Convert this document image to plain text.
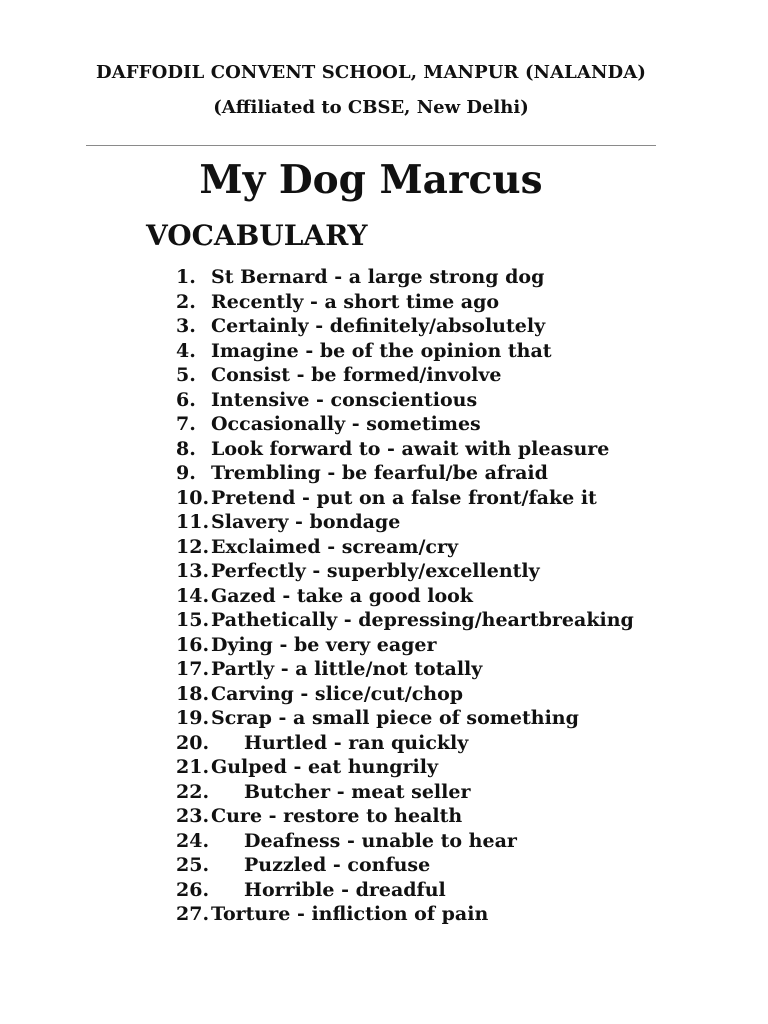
DAFFODIL CONVENT SCHOOL, MANPUR (NALANDA)
(Affiliated to CBSE, New Delhi)
My Dog Marcus
VOCABULARY
1. St Bernard - a large strong dog
2. Recently - a short time ago
3. Certainly - definitely/absolutely
4. Imagine - be of the opinion that
5. Consist - be formed/involve
6. Intensive - conscientious
7. Occasionally - sometimes
8. Look forward to - await with pleasure
9. Trembling - be fearful/be afraid
10. Pretend - put on a false front/fake it
11. Slavery - bondage
12. Exclaimed - scream/cry
13. Perfectly - superbly/excellently
14. Gazed - take a good look
15. Pathetically - depressing/heartbreaking
16. Dying - be very eager
17. Partly - a little/not totally
18. Carving - slice/cut/chop
19. Scrap - a small piece of something
20. Hurtled - ran quickly
21. Gulped - eat hungrily
22. Butcher - meat seller
23. Cure - restore to health
24. Deafness - unable to hear
25. Puzzled - confuse
26. Horrible - dreadful
27. Torture - infliction of pain
